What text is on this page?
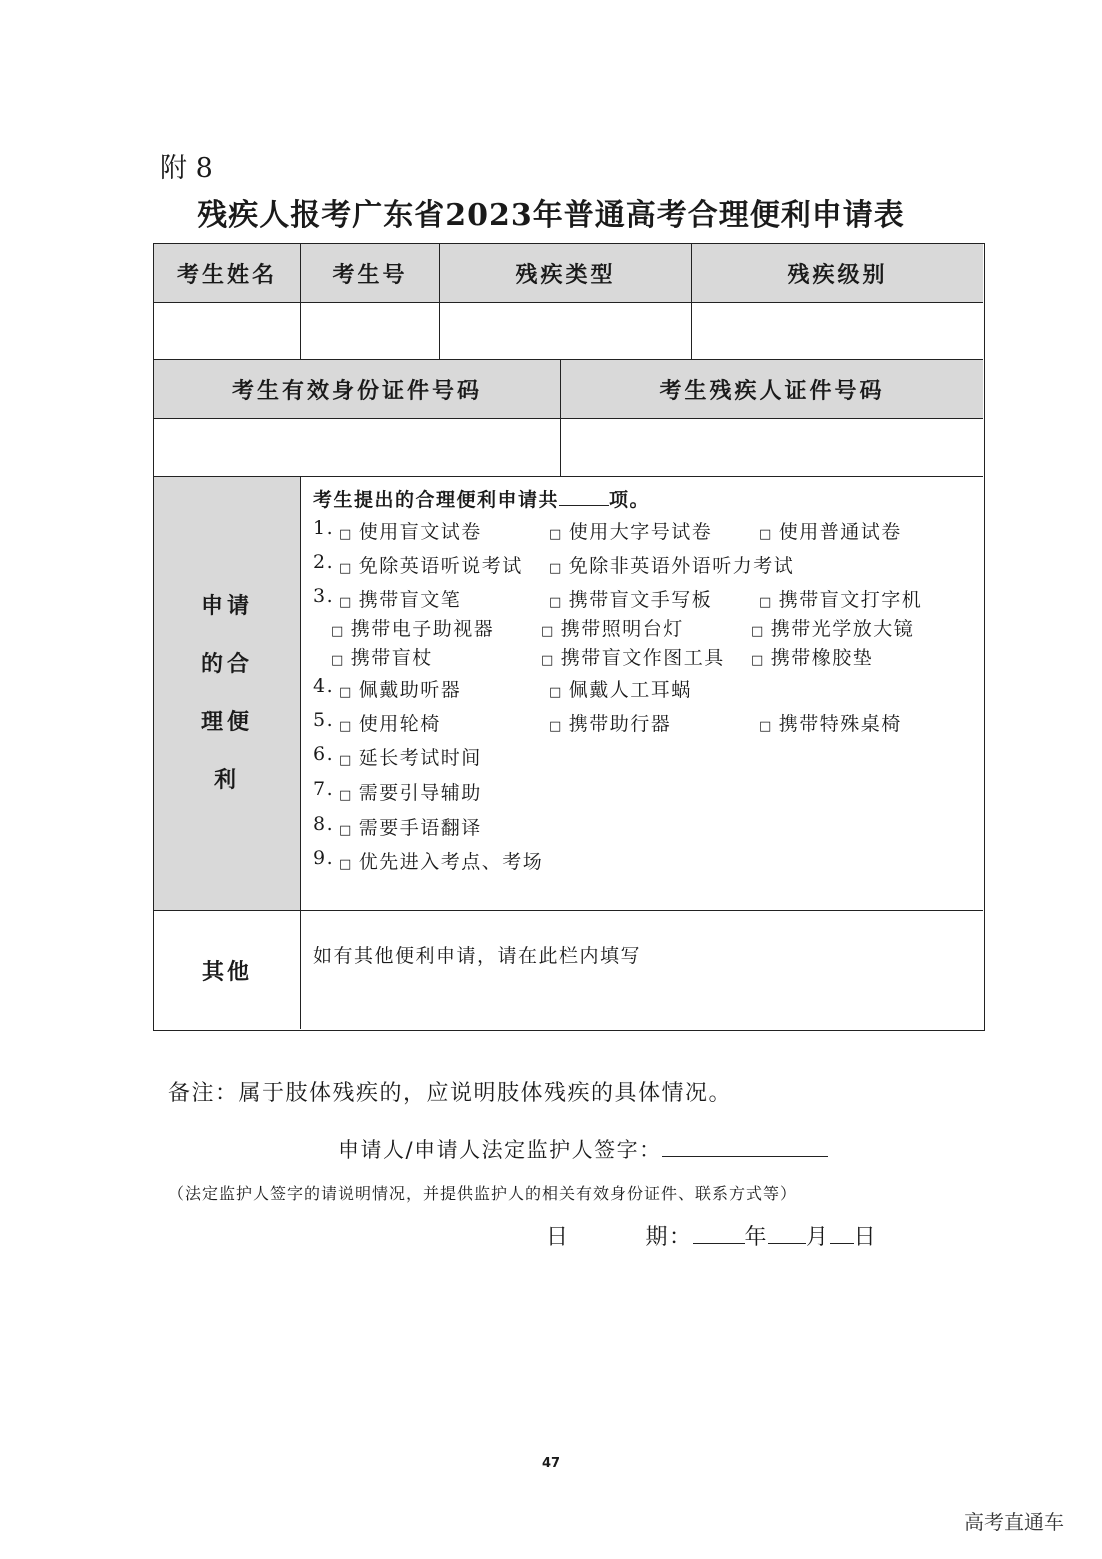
附 8
残疾人报考广东省2023年普通高考合理便利申请表
考生姓名	考生号	残疾类型	残疾级别
考生有效身份证件号码	考生残疾人证件号码
申请
的合
理便
利
考生提出的合理便利申请共	项。
1. □	使用盲文试卷 □	使用大字号试卷 □	使用普通试卷
2. □	免除英语听说考试 □	免除非英语外语听力考试
3. □	携带盲文笔 □	携带盲文手写板 □	携带盲文打字机
□ 携带电子助视器 □	携带照明台灯 □	携带光学放大镜
□ 携带盲杖 □	携带盲文作图工具 □	携带橡胶垫
4. □	佩戴助听器 □	佩戴人工耳蜗
5. □	使用轮椅 □	携带助行器 □	携带特殊桌椅
6. □	延长考试时间
7. □	需要引导辅助
8. □	需要手语翻译
9. □	优先进入考点、考场
其他
如有其他便利申请，请在此栏内填写
备注：属于肢体残疾的，应说明肢体残疾的具体情况。
申请人/申请人法定监护人签字：
（法定监护人签字的请说明情况，并提供监护人的相关有效身份证件、联系方式等）
日	期： 年 月 日
47
高考直通车
